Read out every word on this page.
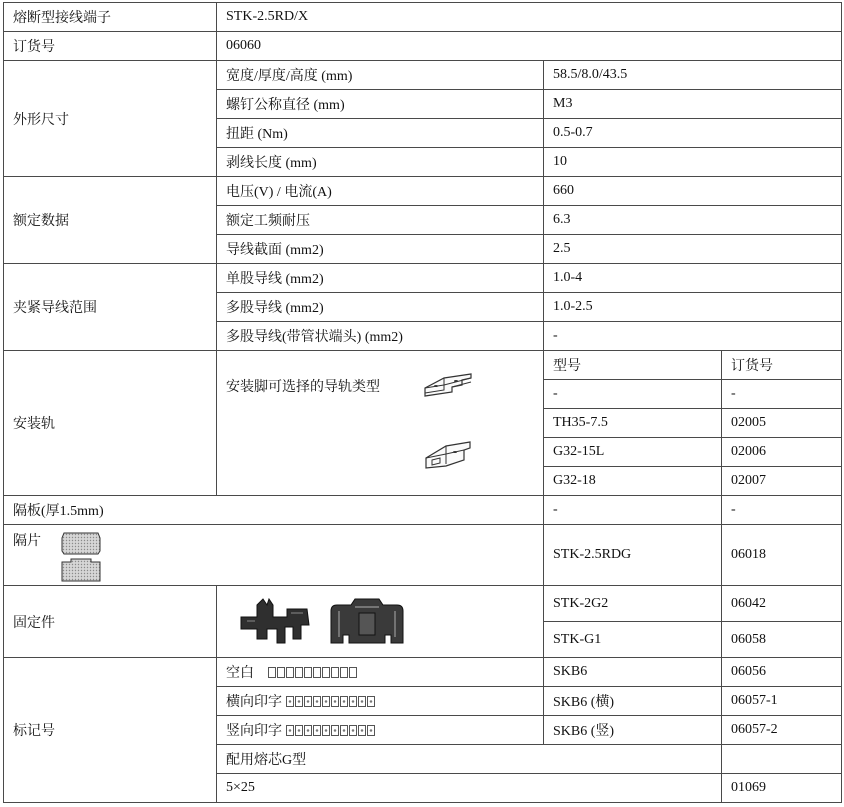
熔断型接线端子	STK-2.5RD/X		
订货号	06060		
外形尺寸	宽度/厚度/高度 (mm)	58.5/8.0/43.5	
	螺钉公称直径 (mm)	M3	
	扭距 (Nm)	0.5-0.7	
	剥线长度 (mm)	10	
额定数据	电压(V) / 电流(A)	660	
	额定工频耐压	6.3	
	导线截面 (mm2)	2.5	
夹紧导线范围	单股导线 (mm2)	1.0-4	
	多股导线 (mm2)	1.0-2.5	
	多股导线(带管状端头) (mm2)	-	
安装轨	安装脚可选择的导轨类型	型号	订货号
		-	-
		TH35-7.5	02005
		G32-15L	02006
		G32-18	02007
隔板(厚1.5mm)		-	-

隔片		STK-2.5RDG	06018
固定件		STK-2G2	06042
		STK-G1	06058
标记号	空白	SKB6	06056
	横向印字	SKB6 (横)	06057-1
	竖向印字	SKB6 (竖)	06057-2
	配用熔芯G型		
	5×25		01069
